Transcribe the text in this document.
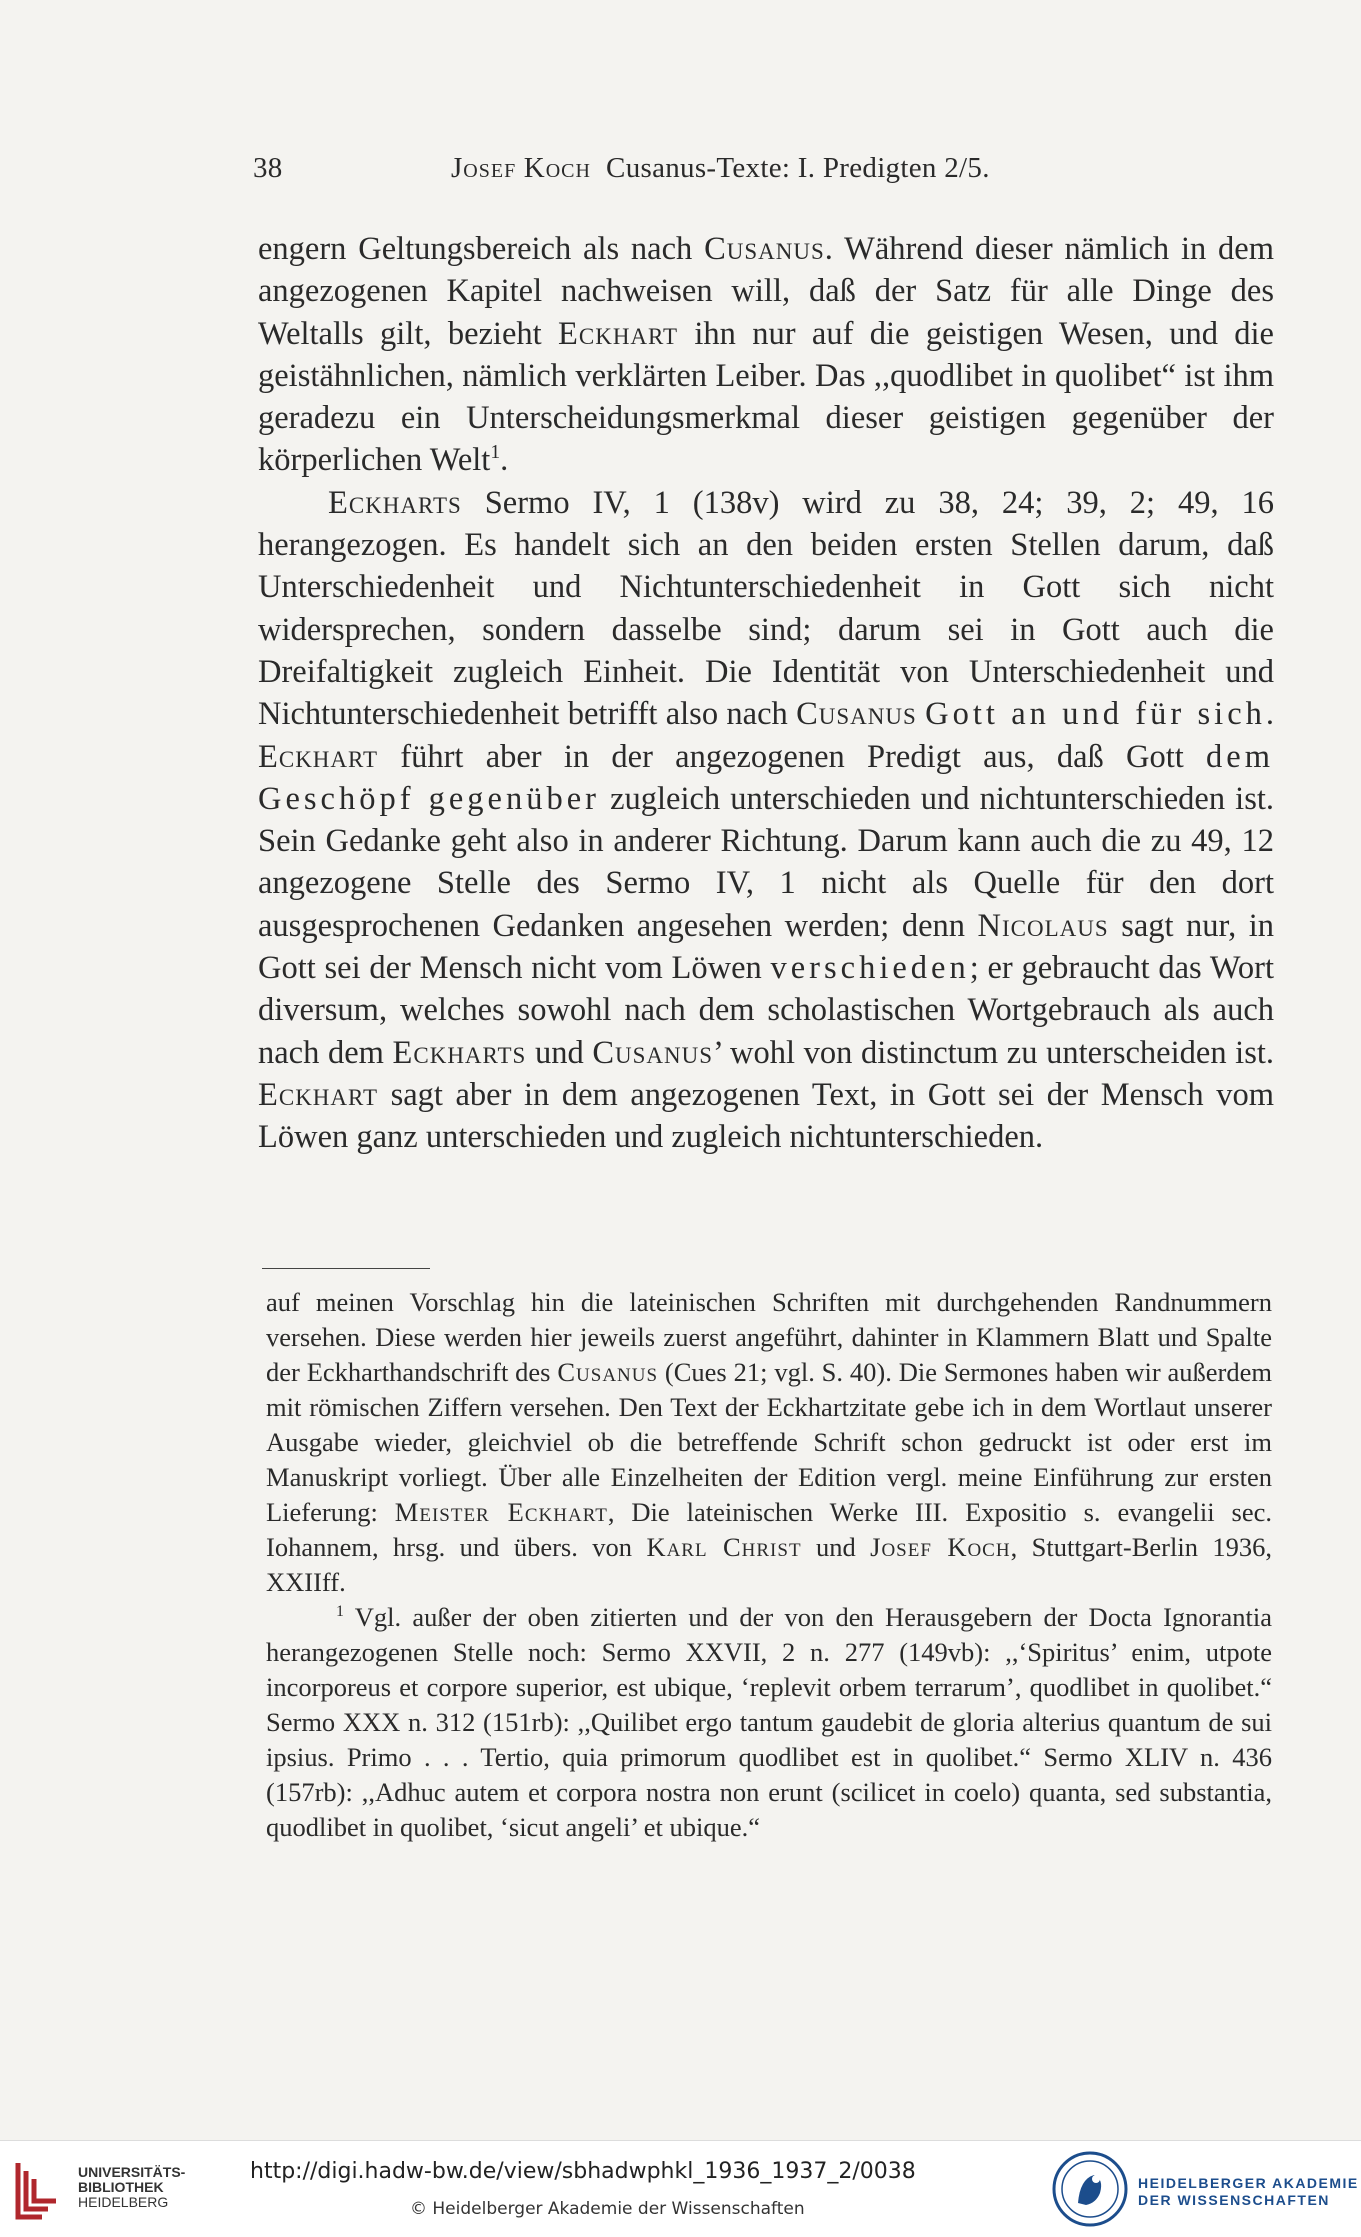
38	Josef Koch Cusanus-Texte: I. Predigten 2/5.

engern Geltungsbereich als nach Cusanus. Während dieser nämlich in dem angezogenen Kapitel nachweisen will, daß der Satz für alle Dinge des Weltalls gilt, bezieht Eckhart ihn nur auf die geistigen Wesen, und die geistähnlichen, nämlich verklärten Leiber. Das ,,quodlibet in quolibet“ ist ihm geradezu ein Unterscheidungsmerkmal dieser geistigen gegenüber der körperlichen Welt$^1$.

Eckharts Sermo IV, 1 (138v) wird zu 38, 24; 39, 2; 49, 16 herangezogen. Es handelt sich an den beiden ersten Stellen darum, daß Unterschiedenheit und Nichtunterschiedenheit in Gott sich nicht widersprechen, sondern dasselbe sind; darum sei in Gott auch die Dreifaltigkeit zugleich Einheit. Die Identität von Unterschiedenheit und Nichtunterschiedenheit betrifft also nach Cusanus Gott an und für sich. Eckhart führt aber in der angezogenen Predigt aus, daß Gott dem Geschöpf gegenüber zugleich unterschieden und nichtunterschieden ist. Sein Gedanke geht also in anderer Richtung. Darum kann auch die zu 49, 12 angezogene Stelle des Sermo IV, 1 nicht als Quelle für den dort ausgesprochenen Gedanken angesehen werden; denn Nicolaus sagt nur, in Gott sei der Mensch nicht vom Löwen verschieden; er gebraucht das Wort diversum, welches sowohl nach dem scholastischen Wortgebrauch als auch nach dem Eckharts und Cusanus’ wohl von distinctum zu unterscheiden ist. Eckhart sagt aber in dem angezogenen Text, in Gott sei der Mensch vom Löwen ganz unterschieden und zugleich nichtunterschieden.

auf meinen Vorschlag hin die lateinischen Schriften mit durchgehenden Randnummern versehen. Diese werden hier jeweils zuerst angeführt, dahinter in Klammern Blatt und Spalte der Eckharthandschrift des Cusanus (Cues 21; vgl. S. 40). Die Sermones haben wir außerdem mit römischen Ziffern versehen. Den Text der Eckhartzitate gebe ich in dem Wortlaut unserer Ausgabe wieder, gleichviel ob die betreffende Schrift schon gedruckt ist oder erst im Manuskript vorliegt. Über alle Einzelheiten der Edition vergl. meine Einführung zur ersten Lieferung: Meister Eckhart, Die lateinischen Werke III. Expositio s. evangelii sec. Iohannem, hrsg. und übers. von Karl Christ und Josef Koch, Stuttgart-Berlin 1936, XXIIff.

$^1$ Vgl. außer der oben zitierten und der von den Herausgebern der Docta Ignorantia herangezogenen Stelle noch: Sermo XXVII, 2 n. 277 (149vb): ,,‘Spiritus’ enim, utpote incorporeus et corpore superior, est ubique, ‘replevit orbem terrarum’, quodlibet in quolibet.“ Sermo XXX n. 312 (151rb): ,,Quilibet ergo tantum gaudebit de gloria alterius quantum de sui ipsius. Primo . . . Tertio, quia primorum quodlibet est in quolibet.“ Sermo XLIV n. 436 (157rb): ,,Adhuc autem et corpora nostra non erunt (scilicet in coelo) quanta, sed substantia, quodlibet in quolibet, ‘sicut angeli’ et ubique.“

UNIVERSITÄTS-
BIBLIOTHEK
HEIDELBERG
http://digi.hadw-bw.de/view/sbhadwphkl_1936_1937_2/0038
© Heidelberger Akademie der Wissenschaften
HEIDELBERGER AKADEMIE
DER WISSENSCHAFTEN
